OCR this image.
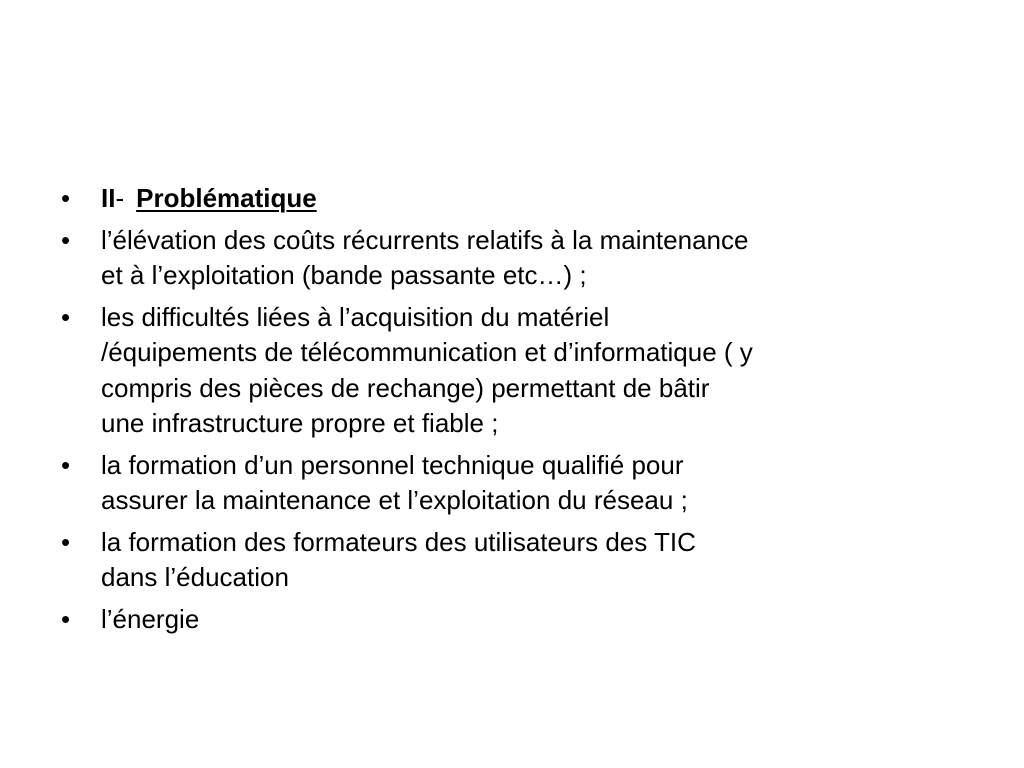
• II- Problématique
• l’élévation des coûts récurrents relatifs à la maintenance
et à l’exploitation (bande passante etc…) ;
• les difficultés liées à l’acquisition du matériel
/équipements de télécommunication et d’informatique ( y
compris des pièces de rechange) permettant de bâtir
une infrastructure propre et fiable ;
• la formation d’un personnel technique qualifié pour
assurer la maintenance et l’exploitation du réseau ;
• la formation des formateurs des utilisateurs des TIC
dans l’éducation
• l’énergie
